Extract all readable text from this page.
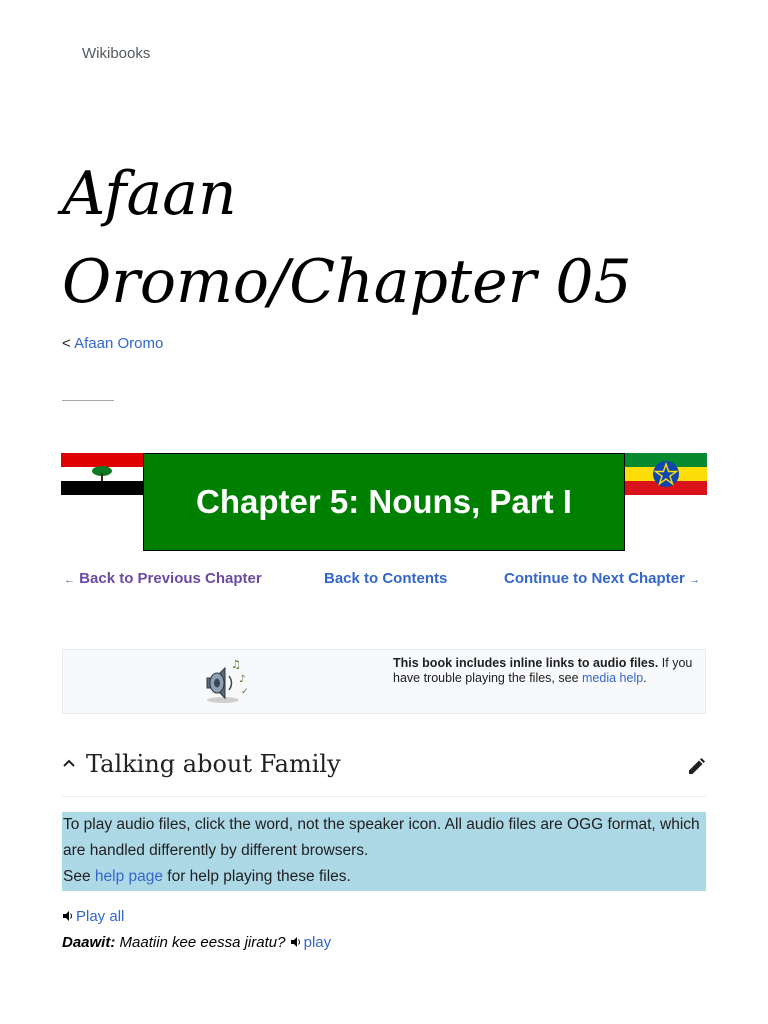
Wikibooks
Afaan Oromo/Chapter 05
< Afaan Oromo
Chapter 5: Nouns, Part I
← Back to Previous Chapter	Back to Contents	Continue to Next Chapter →
♫
♪
✓
This book includes inline links to audio files. If you have trouble playing the files, see media help.
Talking about Family
To play audio files, click the word, not the speaker icon. All audio files are OGG format, which are handled differently by different browsers.
See help page for help playing these files.
Play all
Daawit: Maatiin kee eessa jiratu? play
